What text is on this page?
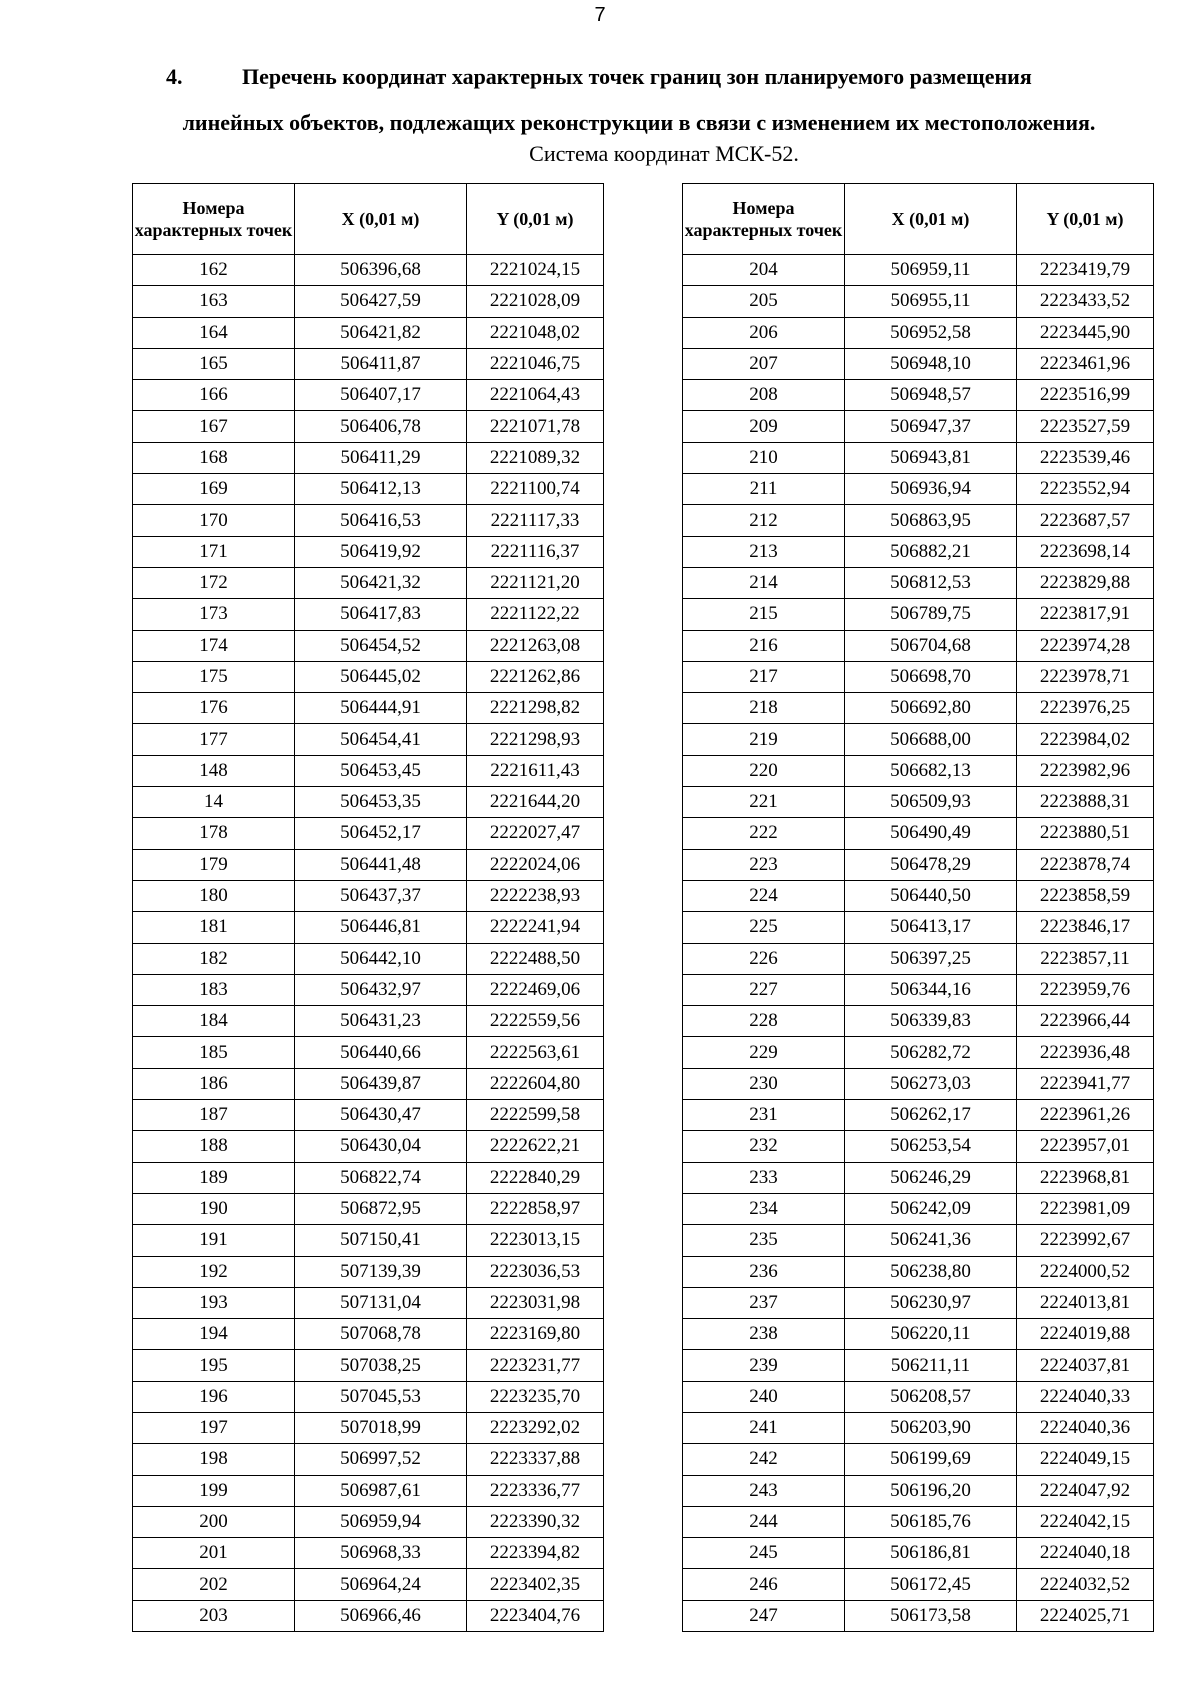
7
4.	Перечень координат характерных точек границ зон планируемого размещения
линейных объектов, подлежащих реконструкции в связи с изменением их местоположения.
Система координат МСК-52.
Номера характерных точек	X (0,01 м)	Y (0,01 м)
162	506396,68	2221024,15
163	506427,59	2221028,09
164	506421,82	2221048,02
165	506411,87	2221046,75
166	506407,17	2221064,43
167	506406,78	2221071,78
168	506411,29	2221089,32
169	506412,13	2221100,74
170	506416,53	2221117,33
171	506419,92	2221116,37
172	506421,32	2221121,20
173	506417,83	2221122,22
174	506454,52	2221263,08
175	506445,02	2221262,86
176	506444,91	2221298,82
177	506454,41	2221298,93
148	506453,45	2221611,43
14	506453,35	2221644,20
178	506452,17	2222027,47
179	506441,48	2222024,06
180	506437,37	2222238,93
181	506446,81	2222241,94
182	506442,10	2222488,50
183	506432,97	2222469,06
184	506431,23	2222559,56
185	506440,66	2222563,61
186	506439,87	2222604,80
187	506430,47	2222599,58
188	506430,04	2222622,21
189	506822,74	2222840,29
190	506872,95	2222858,97
191	507150,41	2223013,15
192	507139,39	2223036,53
193	507131,04	2223031,98
194	507068,78	2223169,80
195	507038,25	2223231,77
196	507045,53	2223235,70
197	507018,99	2223292,02
198	506997,52	2223337,88
199	506987,61	2223336,77
200	506959,94	2223390,32
201	506968,33	2223394,82
202	506964,24	2223402,35
203	506966,46	2223404,76
Номера характерных точек	X (0,01 м)	Y (0,01 м)
204	506959,11	2223419,79
205	506955,11	2223433,52
206	506952,58	2223445,90
207	506948,10	2223461,96
208	506948,57	2223516,99
209	506947,37	2223527,59
210	506943,81	2223539,46
211	506936,94	2223552,94
212	506863,95	2223687,57
213	506882,21	2223698,14
214	506812,53	2223829,88
215	506789,75	2223817,91
216	506704,68	2223974,28
217	506698,70	2223978,71
218	506692,80	2223976,25
219	506688,00	2223984,02
220	506682,13	2223982,96
221	506509,93	2223888,31
222	506490,49	2223880,51
223	506478,29	2223878,74
224	506440,50	2223858,59
225	506413,17	2223846,17
226	506397,25	2223857,11
227	506344,16	2223959,76
228	506339,83	2223966,44
229	506282,72	2223936,48
230	506273,03	2223941,77
231	506262,17	2223961,26
232	506253,54	2223957,01
233	506246,29	2223968,81
234	506242,09	2223981,09
235	506241,36	2223992,67
236	506238,80	2224000,52
237	506230,97	2224013,81
238	506220,11	2224019,88
239	506211,11	2224037,81
240	506208,57	2224040,33
241	506203,90	2224040,36
242	506199,69	2224049,15
243	506196,20	2224047,92
244	506185,76	2224042,15
245	506186,81	2224040,18
246	506172,45	2224032,52
247	506173,58	2224025,71
